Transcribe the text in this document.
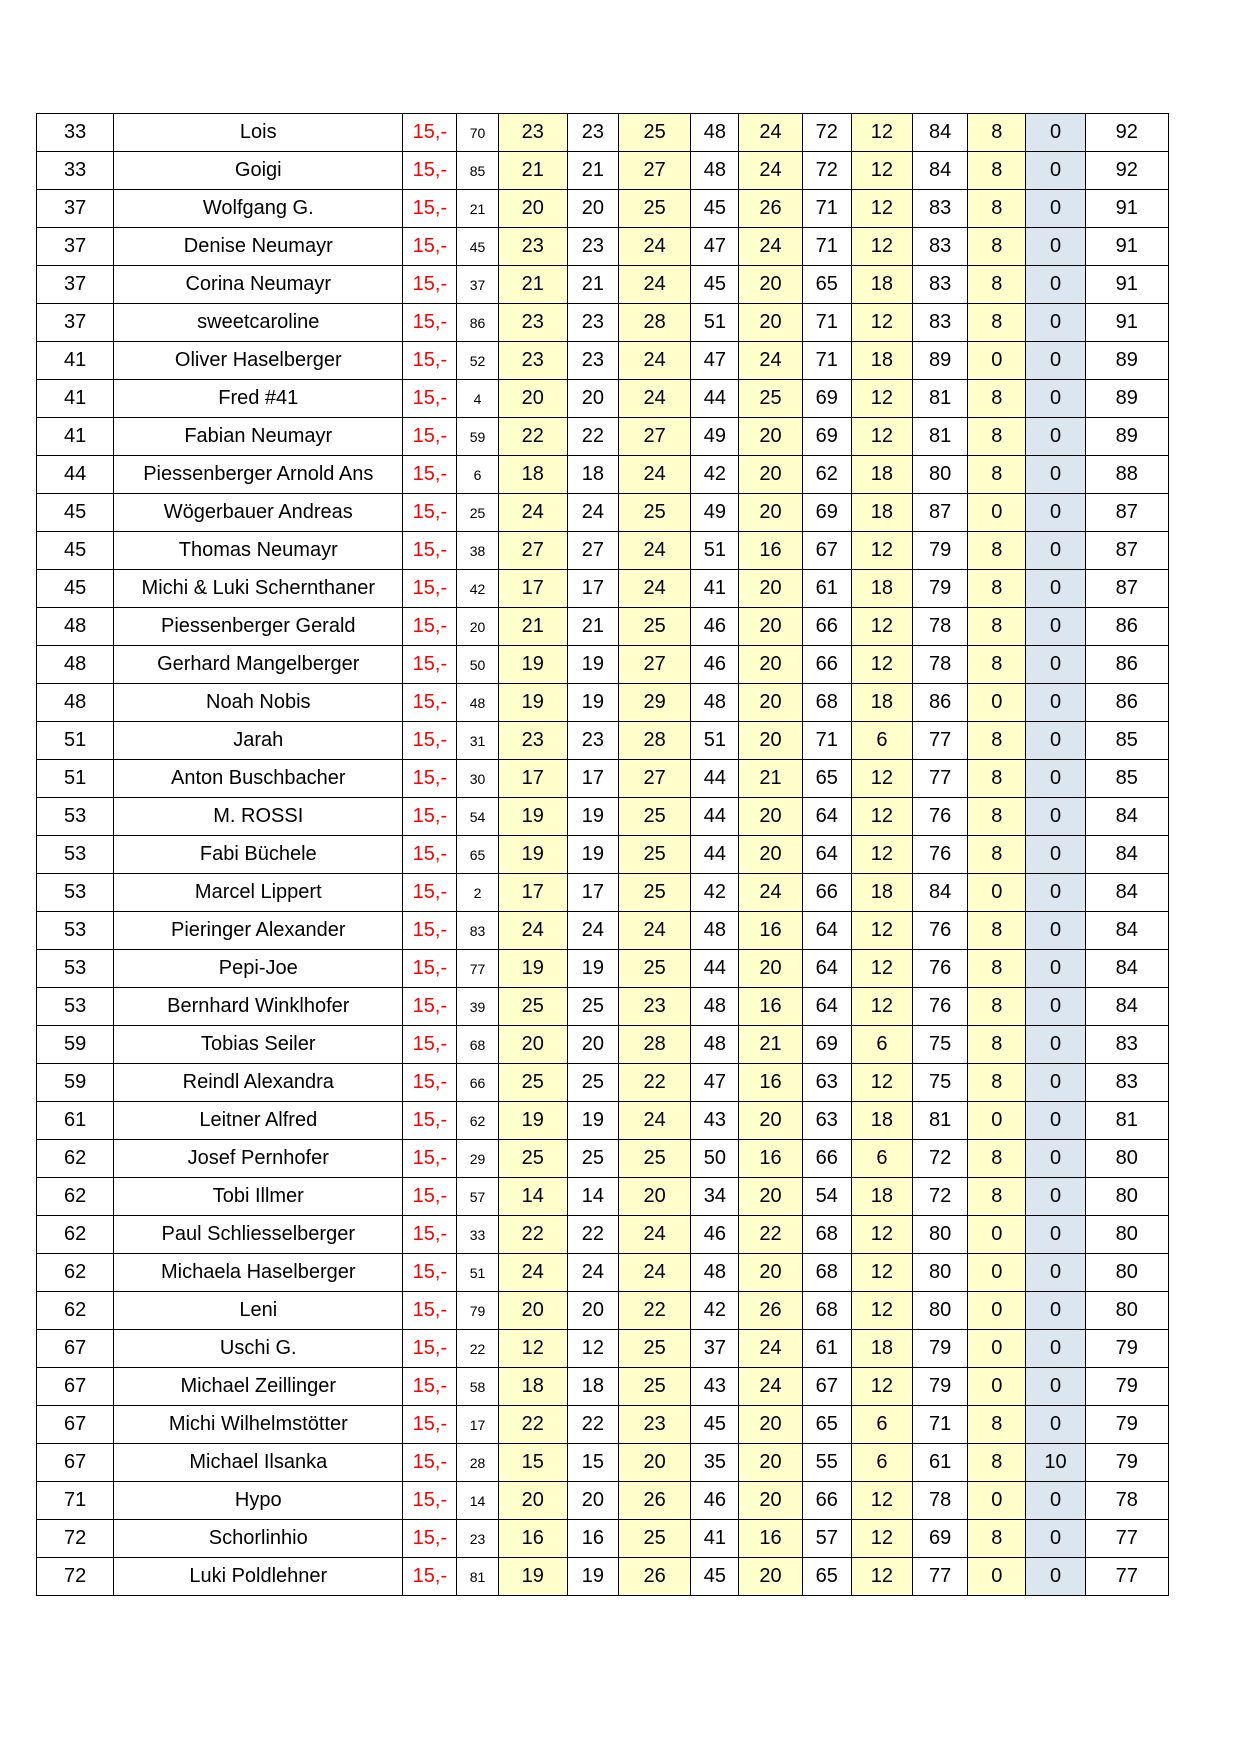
33	Lois	15,-	70	23	23	25	48	24	72	12	84	8	0	92
33	Goigi	15,-	85	21	21	27	48	24	72	12	84	8	0	92
37	Wolfgang G.	15,-	21	20	20	25	45	26	71	12	83	8	0	91
37	Denise Neumayr	15,-	45	23	23	24	47	24	71	12	83	8	0	91
37	Corina Neumayr	15,-	37	21	21	24	45	20	65	18	83	8	0	91
37	sweetcaroline	15,-	86	23	23	28	51	20	71	12	83	8	0	91
41	Oliver Haselberger	15,-	52	23	23	24	47	24	71	18	89	0	0	89
41	Fred #41	15,-	4	20	20	24	44	25	69	12	81	8	0	89
41	Fabian Neumayr	15,-	59	22	22	27	49	20	69	12	81	8	0	89
44	Piessenberger Arnold Ans	15,-	6	18	18	24	42	20	62	18	80	8	0	88
45	Wögerbauer Andreas	15,-	25	24	24	25	49	20	69	18	87	0	0	87
45	Thomas Neumayr	15,-	38	27	27	24	51	16	67	12	79	8	0	87
45	Michi & Luki Schernthaner	15,-	42	17	17	24	41	20	61	18	79	8	0	87
48	Piessenberger Gerald	15,-	20	21	21	25	46	20	66	12	78	8	0	86
48	Gerhard Mangelberger	15,-	50	19	19	27	46	20	66	12	78	8	0	86
48	Noah Nobis	15,-	48	19	19	29	48	20	68	18	86	0	0	86
51	Jarah	15,-	31	23	23	28	51	20	71	6	77	8	0	85
51	Anton Buschbacher	15,-	30	17	17	27	44	21	65	12	77	8	0	85
53	M. ROSSI	15,-	54	19	19	25	44	20	64	12	76	8	0	84
53	Fabi Büchele	15,-	65	19	19	25	44	20	64	12	76	8	0	84
53	Marcel Lippert	15,-	2	17	17	25	42	24	66	18	84	0	0	84
53	Pieringer Alexander	15,-	83	24	24	24	48	16	64	12	76	8	0	84
53	Pepi-Joe	15,-	77	19	19	25	44	20	64	12	76	8	0	84
53	Bernhard Winklhofer	15,-	39	25	25	23	48	16	64	12	76	8	0	84
59	Tobias Seiler	15,-	68	20	20	28	48	21	69	6	75	8	0	83
59	Reindl Alexandra	15,-	66	25	25	22	47	16	63	12	75	8	0	83
61	Leitner Alfred	15,-	62	19	19	24	43	20	63	18	81	0	0	81
62	Josef Pernhofer	15,-	29	25	25	25	50	16	66	6	72	8	0	80
62	Tobi Illmer	15,-	57	14	14	20	34	20	54	18	72	8	0	80
62	Paul Schliesselberger	15,-	33	22	22	24	46	22	68	12	80	0	0	80
62	Michaela Haselberger	15,-	51	24	24	24	48	20	68	12	80	0	0	80
62	Leni	15,-	79	20	20	22	42	26	68	12	80	0	0	80
67	Uschi G.	15,-	22	12	12	25	37	24	61	18	79	0	0	79
67	Michael Zeillinger	15,-	58	18	18	25	43	24	67	12	79	0	0	79
67	Michi Wilhelmstötter	15,-	17	22	22	23	45	20	65	6	71	8	0	79
67	Michael Ilsanka	15,-	28	15	15	20	35	20	55	6	61	8	10	79
71	Hypo	15,-	14	20	20	26	46	20	66	12	78	0	0	78
72	Schorlinhio	15,-	23	16	16	25	41	16	57	12	69	8	0	77
72	Luki Poldlehner	15,-	81	19	19	26	45	20	65	12	77	0	0	77
